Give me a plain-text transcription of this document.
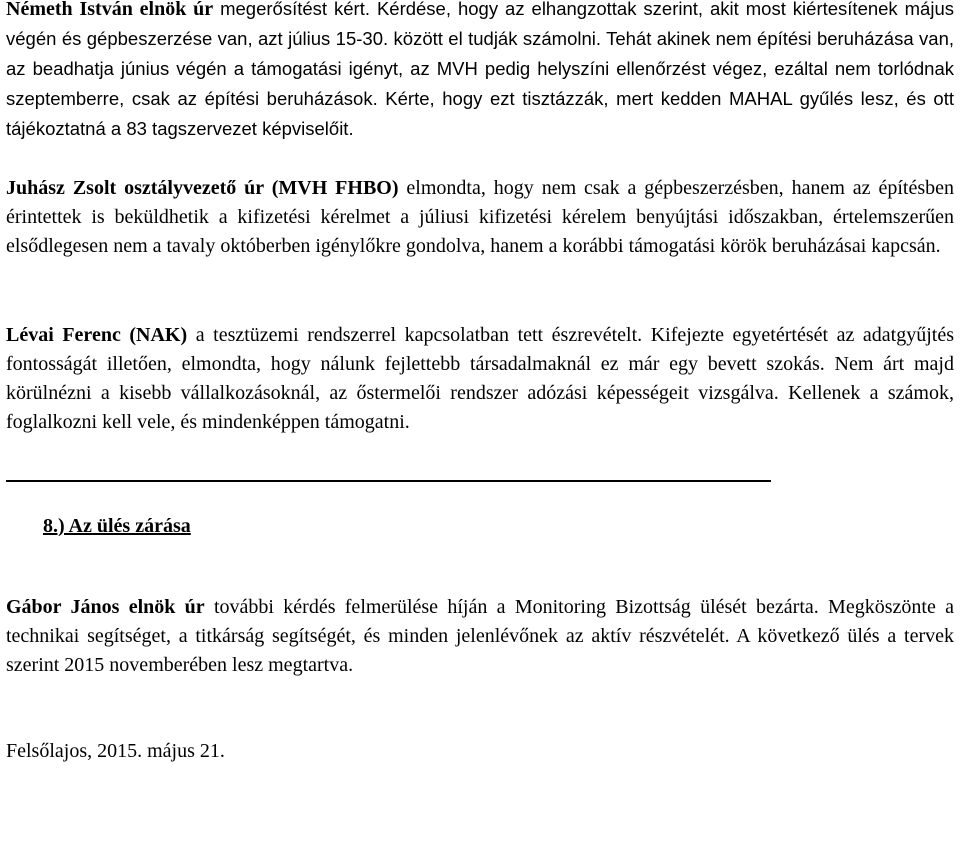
Németh István elnök úr megerősítést kért. Kérdése, hogy az elhangzottak szerint, akit most kiértesítenek május végén és gépbeszerzése van, azt július 15-30. között el tudják számolni. Tehát akinek nem építési beruházása van, az beadhatja június végén a támogatási igényt, az MVH pedig helyszíni ellenőrzést végez, ezáltal nem torlódnak szeptemberre, csak az építési beruházások. Kérte, hogy ezt tisztázzák, mert kedden MAHAL gyűlés lesz, és ott tájékoztatná a 83 tagszervezet képviselőit.

Juhász Zsolt osztályvezető úr (MVH FHBO) elmondta, hogy nem csak a gépbeszerzésben, hanem az építésben érintettek is beküldhetik a kifizetési kérelmet a júliusi kifizetési kérelem benyújtási időszakban, értelemszerűen elsődlegesen nem a tavaly októberben igénylőkre gondolva, hanem a korábbi támogatási körök beruházásai kapcsán.

Lévai Ferenc (NAK) a tesztüzemi rendszerrel kapcsolatban tett észrevételt. Kifejezte egyetértését az adatgyűjtés fontosságát illetően, elmondta, hogy nálunk fejlettebb társadalmaknál ez már egy bevett szokás. Nem árt majd körülnézni a kisebb vállalkozásoknál, az őstermelői rendszer adózási képességeit vizsgálva. Kellenek a számok, foglalkozni kell vele, és mindenképpen támogatni.

8.) Az ülés zárása

Gábor János elnök úr további kérdés felmerülése híján a Monitoring Bizottság ülését bezárta. Megköszönte a technikai segítséget, a titkárság segítségét, és minden jelenlévőnek az aktív részvételét. A következő ülés a tervek szerint 2015 novemberében lesz megtartva.

Felsőlajos, 2015. május 21.
